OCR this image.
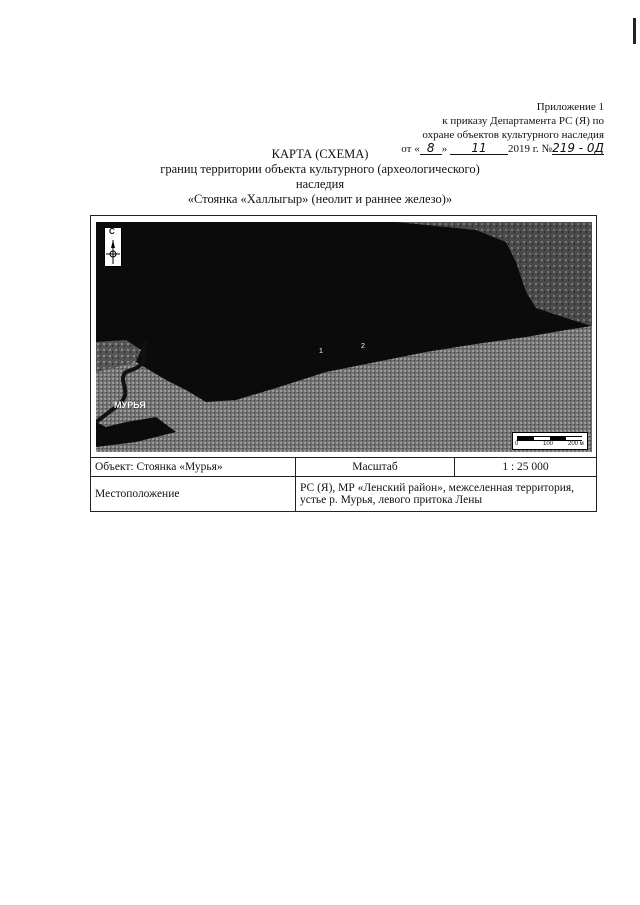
Приложение 1
к приказу Департамента РС (Я) по
охране объектов культурного наследия
от « 8 » 11 2019 г. №219 - 0Д
КАРТА (СХЕМА)
границ территории объекта культурного (археологического)
наследия
«Стоянка «Халлыгыр» (неолит и раннее железо)»
С
1
2
МУРЬЯ
0	100 200 м
Объект: Стоянка «Мурья»	Масштаб	1 : 25 000
Местоположение	РС (Я), МР «Ленский район», межселенная территория, устье р. Мурья, левого притока Лены	
